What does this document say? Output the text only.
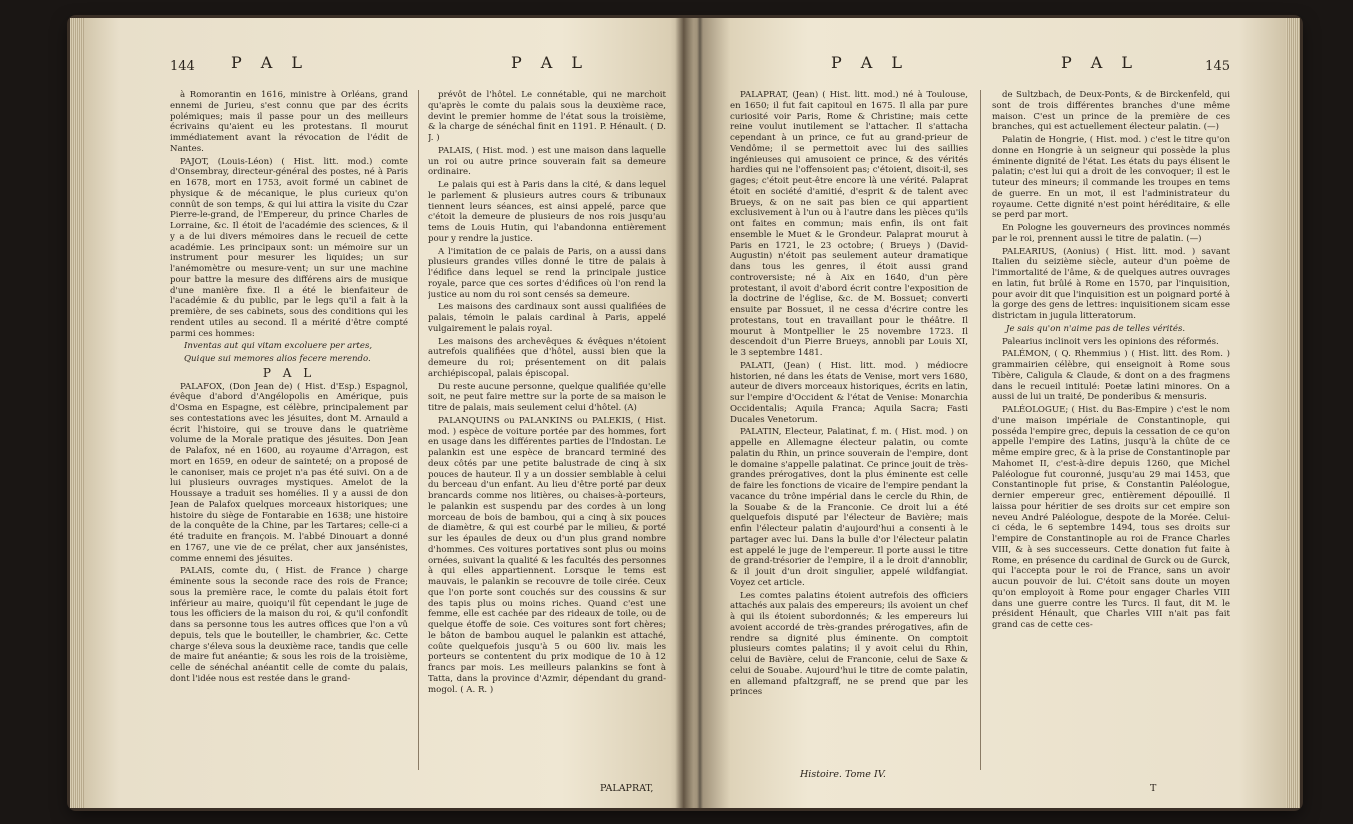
144	P A L	P A L

à Romorantin en 1616, ministre à Orléans, grand ennemi de Jurieu, s'est connu que par des écrits polémiques; mais il passe pour un des meilleurs écrivains qu'aient eu les protestans. Il mourut immédiatement avant la révocation de l'édit de Nantes.

PAJOT, (Louis-Léon) ( Hist. litt. mod.) comte d'Onsembray, directeur-général des postes, né à Paris en 1678, mort en 1753, avoit formé un cabinet de physique & de mécanique, le plus curieux qu'on connût de son temps, & qui lui attira la visite du Czar Pierre-le-grand, de l'Empereur, du prince Charles de Lorraine, &c. Il étoit de l'académie des sciences, & il y a de lui divers mémoires dans le recueil de cette académie. Les principaux sont: un mémoire sur un instrument pour mesurer les liquides; un sur l'anémomètre ou mesure-vent; un sur une machine pour battre la mesure des différens airs de musique d'une manière fixe. Il a été le bienfaiteur de l'académie & du public, par le legs qu'il a fait à la première, de ses cabinets, sous des conditions qui les rendent utiles au second. Il a mérité d'être compté parmi ces hommes:

Inventas aut qui vitam excoluere per artes,

Quique sui memores alios fecere merendo.

P A L

PALAFOX, (Don Jean de) ( Hist. d'Esp.) Espagnol, évêque d'abord d'Angélopolis en Amérique, puis d'Osma en Espagne, est célèbre, principalement par ses contestations avec les jésuites, dont M. Arnauld a écrit l'histoire, qui se trouve dans le quatrième volume de la Morale pratique des jésuites. Don Jean de Palafox, né en 1600, au royaume d'Arragon, est mort en 1659, en odeur de sainteté; on a proposé de le canoniser, mais ce projet n'a pas été suivi. On a de lui plusieurs ouvrages mystiques. Amelot de la Houssaye a traduit ses homélies. Il y a aussi de don Jean de Palafox quelques morceaux historiques; une histoire du siège de Fontarabie en 1638; une histoire de la conquête de la Chine, par les Tartares; celle-ci a été traduite en françois. M. l'abbé Dinouart a donné en 1767, une vie de ce prélat, cher aux jansénistes, comme ennemi des jésuites.

PALAIS, comte du, ( Hist. de France ) charge éminente sous la seconde race des rois de France; sous la première race, le comte du palais étoit fort inférieur au maire, quoiqu'il fût cependant le juge de tous les officiers de la maison du roi, & qu'il confondît dans sa personne tous les autres offices que l'on a vû depuis, tels que le bouteiller, le chambrier, &c. Cette charge s'éleva sous la deuxième race, tandis que celle de maire fut anéantie; & sous les rois de la troisième, celle de sénéchal anéantit celle de comte du palais, dont l'idée nous est restée dans le grand-

prévôt de l'hôtel. Le connétable, qui ne marchoit qu'après le comte du palais sous la deuxième race, devint le premier homme de l'état sous la troisième, & la charge de sénéchal finit en 1191. P. Hénault. ( D. J. )

PALAIS, ( Hist. mod. ) est une maison dans laquelle un roi ou autre prince souverain fait sa demeure ordinaire.

Le palais qui est à Paris dans la cité, & dans lequel le parlement & plusieurs autres cours & tribunaux tiennent leurs séances, est ainsi appelé, parce que c'étoit la demeure de plusieurs de nos rois jusqu'au tems de Louis Hutin, qui l'abandonna entièrement pour y rendre la justice.

A l'imitation de ce palais de Paris, on a aussi dans plusieurs grandes villes donné le titre de palais à l'édifice dans lequel se rend la principale justice royale, parce que ces sortes d'édifices où l'on rend la justice au nom du roi sont censés sa demeure.

Les maisons des cardinaux sont aussi qualifiées de palais, témoin le palais cardinal à Paris, appelé vulgairement le palais royal.

Les maisons des archevêques & évêques n'étoient autrefois qualifiées que d'hôtel, aussi bien que la demeure du roi; présentement on dit palais archiépiscopal, palais épiscopal.

Du reste aucune personne, quelque qualifiée qu'elle soit, ne peut faire mettre sur la porte de sa maison le titre de palais, mais seulement celui d'hôtel. (A)

PALANQUINS ou PALANKINS ou PALEKIS, ( Hist. mod. ) espèce de voiture portée par des hommes, fort en usage dans les différentes parties de l'Indostan. Le palankin est une espèce de brancard terminé des deux côtés par une petite balustrade de cinq à six pouces de hauteur. Il y a un dossier semblable à celui du berceau d'un enfant. Au lieu d'être porté par deux brancards comme nos litières, ou chaises-à-porteurs, le palankin est suspendu par des cordes à un long morceau de bois de bambou, qui a cinq à six pouces de diamètre, & qui est courbé par le milieu, & porté sur les épaules de deux ou d'un plus grand nombre d'hommes. Ces voitures portatives sont plus ou moins ornées, suivant la qualité & les facultés des personnes à qui elles appartiennent. Lorsque le tems est mauvais, le palankin se recouvre de toile cirée. Ceux que l'on porte sont couchés sur des coussins & sur des tapis plus ou moins riches. Quand c'est une femme, elle est cachée par des rideaux de toile, ou de quelque étoffe de soie. Ces voitures sont fort chères; le bâton de bambou auquel le palankin est attaché, coûte quelquefois jusqu'à 5 ou 600 liv. mais les porteurs se contentent du prix modique de 10 à 12 francs par mois. Les meilleurs palankins se font à Tatta, dans la province d'Azmir, dépendant du grand-mogol. ( A. R. )

PALAPRAT,
P A L	P A L	145

PALAPRAT, (Jean) ( Hist. litt. mod.) né à Toulouse, en 1650; il fut fait capitoul en 1675. Il alla par pure curiosité voir Paris, Rome & Christine; mais cette reine voulut inutilement se l'attacher. Il s'attacha cependant à un prince, ce fut au grand-prieur de Vendôme; il se permettoit avec lui des saillies ingénieuses qui amusoient ce prince, & des vérités hardies qui ne l'offensoient pas; c'étoient, disoit-il, ses gages; c'étoit peut-être encore là une vérité. Palaprat étoit en société d'amitié, d'esprit & de talent avec Brueys, & on ne sait pas bien ce qui appartient exclusivement à l'un ou à l'autre dans les pièces qu'ils ont faites en commun; mais enfin, ils ont fait ensemble le Muet & le Grondeur. Palaprat mourut à Paris en 1721, le 23 octobre; ( Brueys ) (David-Augustin) n'étoit pas seulement auteur dramatique dans tous les genres, il étoit aussi grand controversiste; né à Aix en 1640, d'un père protestant, il avoit d'abord écrit contre l'exposition de la doctrine de l'église, &c. de M. Bossuet; converti ensuite par Bossuet, il ne cessa d'écrire contre les protestans, tout en travaillant pour le théâtre. Il mourut à Montpellier le 25 novembre 1723. Il descendoit d'un Pierre Brueys, annobli par Louis XI, le 3 septembre 1481.

PALATI, (Jean) ( Hist. litt. mod. ) médiocre historien, né dans les états de Venise, mort vers 1680, auteur de divers morceaux historiques, écrits en latin, sur l'empire d'Occident & l'état de Venise: Monarchia Occidentalis; Aquila Franca; Aquila Sacra; Fasti Ducales Venetorum.

PALATIN, Electeur, Palatinat, f. m. ( Hist. mod. ) on appelle en Allemagne électeur palatin, ou comte palatin du Rhin, un prince souverain de l'empire, dont le domaine s'appelle palatinat. Ce prince jouit de très-grandes prérogatives, dont la plus éminente est celle de faire les fonctions de vicaire de l'empire pendant la vacance du trône impérial dans le cercle du Rhin, de la Souabe & de la Franconie. Ce droit lui a été quelquefois disputé par l'électeur de Bavière; mais enfin l'électeur palatin d'aujourd'hui a consenti à le partager avec lui. Dans la bulle d'or l'électeur palatin est appelé le juge de l'empereur. Il porte aussi le titre de grand-trésorier de l'empire, il a le droit d'annoblir, & il jouit d'un droit singulier, appelé wildfangiat. Voyez cet article.

Les comtes palatins étoient autrefois des officiers attachés aux palais des empereurs; ils avoient un chef à qui ils étoient subordonnés; & les empereurs lui avoient accordé de très-grandes prérogatives, afin de rendre sa dignité plus éminente. On comptoit plusieurs comtes palatins; il y avoit celui du Rhin, celui de Bavière, celui de Franconie, celui de Saxe & celui de Souabe. Aujourd'hui le titre de comte palatin, en allemand pfaltzgraff, ne se prend que par les princes

Histoire. Tome IV.

de Sultzbach, de Deux-Ponts, & de Birckenfeld, qui sont de trois différentes branches d'une même maison. C'est un prince de la première de ces branches, qui est actuellement électeur palatin. (—)

Palatin de Hongrie, ( Hist. mod. ) c'est le titre qu'on donne en Hongrie à un seigneur qui possède la plus éminente dignité de l'état. Les états du pays élisent le palatin; c'est lui qui a droit de les convoquer; il est le tuteur des mineurs; il commande les troupes en tems de guerre. En un mot, il est l'administrateur du royaume. Cette dignité n'est point héréditaire, & elle se perd par mort.

En Pologne les gouverneurs des provinces nommés par le roi, prennent aussi le titre de palatin. (—)

PALEARIUS, (Aonius) ( Hist. litt. mod. ) savant Italien du seizième siècle, auteur d'un poème de l'immortalité de l'âme, & de quelques autres ouvrages en latin, fut brûlé à Rome en 1570, par l'inquisition, pour avoir dit que l'inquisition est un poignard porté à la gorge des gens de lettres: inquisitionem sicam esse districtam in jugula litteratorum.

Je sais qu'on n'aime pas de telles vérités.

Palearius inclinoit vers les opinions des réformés.

PALÉMON, ( Q. Rhemmius ) ( Hist. litt. des Rom. ) grammairien célèbre, qui enseignoit à Rome sous Tibère, Caligula & Claude, & dont on a des fragmens dans le recueil intitulé: Poetæ latini minores. On a aussi de lui un traité, De ponderibus & mensuris.

PALÉOLOGUE; ( Hist. du Bas-Empire ) c'est le nom d'une maison impériale de Constantinople, qui posséda l'empire grec, depuis la cessation de ce qu'on appelle l'empire des Latins, jusqu'à la chûte de ce même empire grec, & à la prise de Constantinople par Mahomet II, c'est-à-dire depuis 1260, que Michel Paléologue fut couronné, jusqu'au 29 mai 1453, que Constantinople fut prise, & Constantin Paléologue, dernier empereur grec, entièrement dépouillé. Il laissa pour héritier de ses droits sur cet empire son neveu André Paléologue, despote de la Morée. Celui-ci céda, le 6 septembre 1494, tous ses droits sur l'empire de Constantinople au roi de France Charles VIII, & à ses successeurs. Cette donation fut faite à Rome, en présence du cardinal de Gurck ou de Gurck, qui l'accepta pour le roi de France, sans un avoir aucun pouvoir de lui. C'étoit sans doute un moyen qu'on employoit à Rome pour engager Charles VIII dans une guerre contre les Turcs. Il faut, dit M. le président Hénault, que Charles VIII n'ait pas fait grand cas de cette ces-

T
